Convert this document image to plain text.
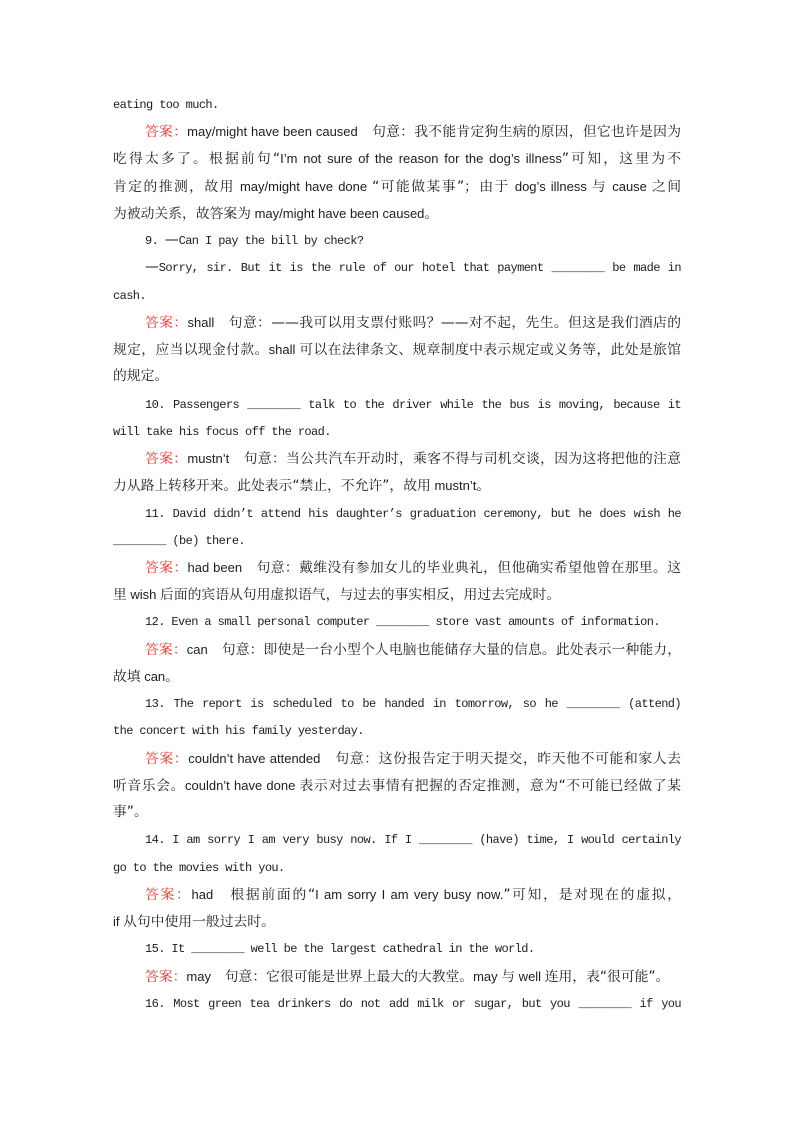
eating too much.
答案：may/might have been caused　句意：我不能肯定狗生病的原因，但它也许是因为
吃得太多了。根据前句“I’m not sure of the reason for the dog’s illness”可知，这里为不
肯定的推测，故用 may/might have done “可能做某事”；由于 dog’s illness 与 cause 之间
为被动关系，故答案为 may/might have been caused。
9. —Can I pay the bill by check?
—Sorry, sir. But it is the rule of our hotel that payment ________ be made in
cash.
答案：shall　句意：——我可以用支票付账吗？——对不起，先生。但这是我们酒店的
规定，应当以现金付款。shall 可以在法律条文、规章制度中表示规定或义务等，此处是旅馆
的规定。
10. Passengers ________ talk to the driver while the bus is moving, because it
will take his focus off the road.
答案：mustn’t　句意：当公共汽车开动时，乘客不得与司机交谈，因为这将把他的注意
力从路上转移开来。此处表示“禁止，不允许”，故用 mustn’t。
11. David didn’t attend his daughter’s graduation ceremony, but he does wish he
________ (be) there.
答案：had been　句意：戴维没有参加女儿的毕业典礼，但他确实希望他曾在那里。这
里 wish 后面的宾语从句用虚拟语气，与过去的事实相反，用过去完成时。
12. Even a small personal computer ________ store vast amounts of information.
答案：can　句意：即使是一台小型个人电脑也能储存大量的信息。此处表示一种能力，
故填 can。
13. The report is scheduled to be handed in tomorrow, so he ________ (attend)
the concert with his family yesterday.
答案：couldn’t have attended　句意：这份报告定于明天提交，昨天他不可能和家人去
听音乐会。couldn’t have done 表示对过去事情有把握的否定推测，意为“不可能已经做了某
事”。
14. I am sorry I am very busy now. If I ________ (have) time, I would certainly
go to the movies with you.
答案：had　根据前面的“I am sorry I am very busy now.”可知，是对现在的虚拟，
if 从句中使用一般过去时。
15. It ________ well be the largest cathedral in the world.
答案：may　句意：它很可能是世界上最大的大教堂。may 与 well 连用，表“很可能”。
16. Most green tea drinkers do not add milk or sugar, but you ________ if you
